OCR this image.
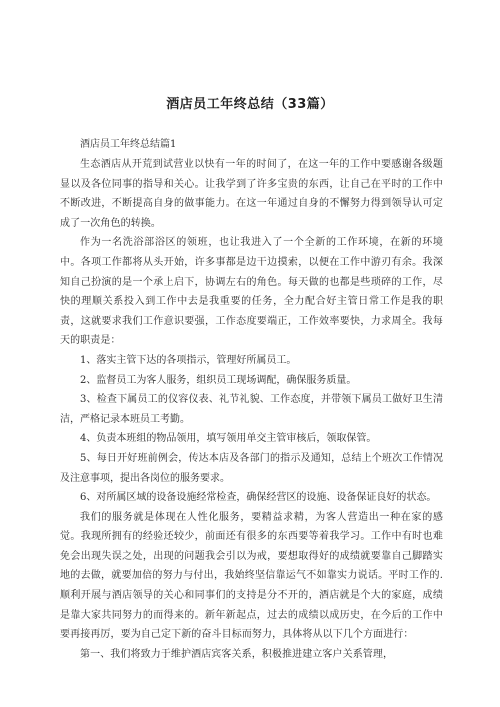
酒店员工年终总结（33篇）

酒店员工年终总结篇1

生态酒店从开荒到试营业以快有一年的时间了，在这一年的工作中要感谢各级题显以及各位同事的指导和关心。让我学到了许多宝贵的东西，让自己在平时的工作中不断改进，不断提高自身的做事能力。在这一年通过自身的不懈努力得到领导认可定成了一次角色的转换。

作为一名洗浴部浴区的领班，也让我进入了一个全新的工作环境，在新的环境中。各项工作都将从头开始，许多事都是边干边摸索，以便在工作中游刃有余。我深知自己扮演的是一个承上启下，协调左右的角色。每天做的也都是些琐碎的工作，尽快的理顺关系投入到工作中去是我重要的任务，全力配合好主管日常工作是我的职责，这就要求我们工作意识要强，工作态度要端正，工作效率要快，力求周全。我每天的职责是：

1、落实主管下达的各项指示，管理好所属员工。

2、监督员工为客人服务，组织员工现场调配，确保服务质量。

3、检查下属员工的仪容仪表、礼节礼貌、工作态度，并带领下属员工做好卫生清洁，严格记录本班员工考勤。

4、负责本班组的物品领用，填写领用单交主管审核后，领取保管。

5、每日开好班前例会，传达本店及各部门的指示及通知，总结上个班次工作情况及注意事项，提出各岗位的服务要求。

6、对所属区域的设备设施经常检查，确保经营区的设施、设备保证良好的状态。

我们的服务就是体现在人性化服务，要精益求精，为客人营造出一种在家的感觉。我现所拥有的经验还较少，前面还有很多的东西要等着我学习。工作中有时也难免会出现失误之处，出现的问题我会引以为戒，要想取得好的成绩就要靠自己脚踏实地的去做，就要加倍的努力与付出，我始终坚信靠运气不如靠实力说话。平时工作的.顺利开展与酒店领导的关心和同事们的支持是分不开的，酒店就是个大的家庭，成绩是靠大家共同努力的而得来的。新年新起点，过去的成绩以成历史，在今后的工作中要再接再厉，要为自己定下新的奋斗目标而努力，具体将从以下几个方面进行：

第一、我们将致力于维护酒店宾客关系，积极推进建立客户关系管理，
